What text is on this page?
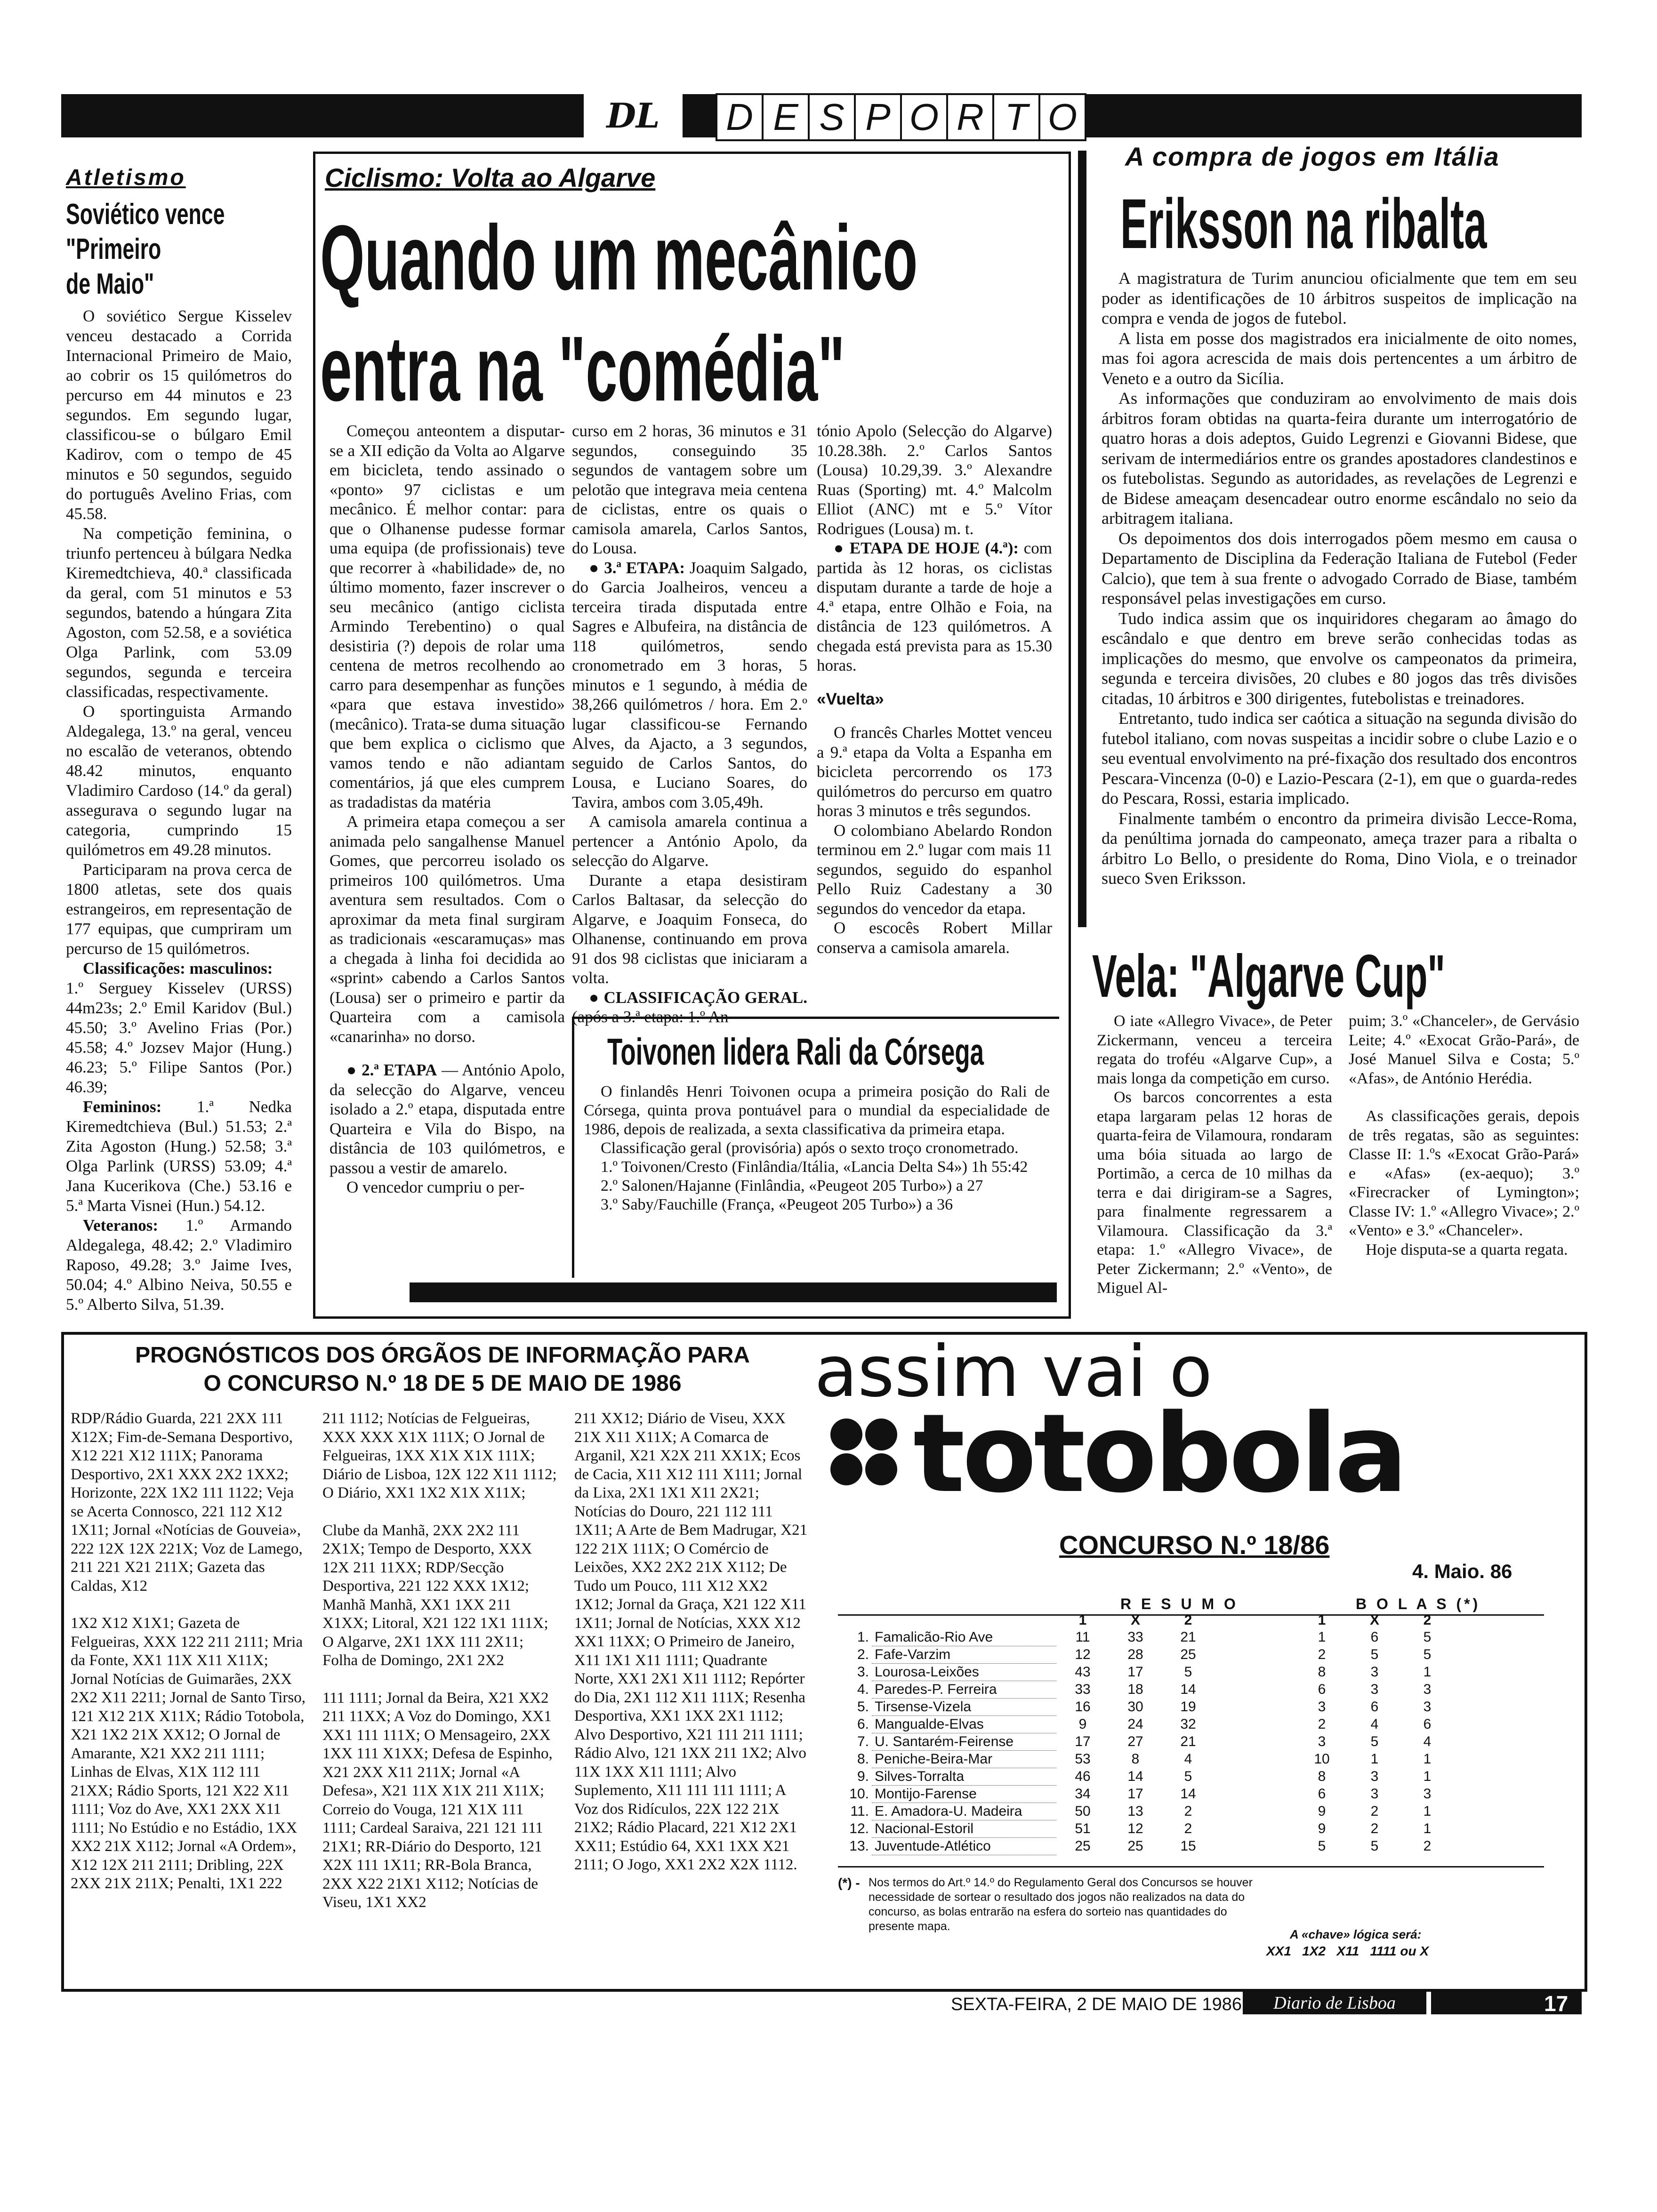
DL	D E S P O R T O
Atletismo
Soviético vence
"Primeiro
de Maio"

O soviético Sergue Kisselev venceu destacado a Corrida Internacional Primeiro de Maio, ao cobrir os 15 quilómetros do percurso em 44 minutos e 23 segundos. Em segundo lugar, classificou-se o búlgaro Emil Kadirov, com o tempo de 45 minutos e 50 segundos, seguido do português Avelino Frias, com 45.58.

Na competição feminina, o triunfo pertenceu à búlgara Nedka Kiremedtchieva, 40.ª classificada da geral, com 51 minutos e 53 segundos, batendo a húngara Zita Agoston, com 52.58, e a soviética Olga Parlink, com 53.09 segundos, segunda e terceira classificadas, respectivamente.

O sportinguista Armando Aldegalega, 13.º na geral, venceu no escalão de veteranos, obtendo 48.42 minutos, enquanto Vladimiro Cardoso (14.º da geral) assegurava o segundo lugar na categoria, cumprindo 15 quilómetros em 49.28 minutos.

Participaram na prova cerca de 1800 atletas, sete dos quais estrangeiros, em representação de 177 equipas, que cumpriram um percurso de 15 quilómetros.

Classificações: masculinos:

1.º Serguey Kisselev (URSS) 44m23s; 2.º Emil Karidov (Bul.) 45.50; 3.º Avelino Frias (Por.) 45.58; 4.º Jozsev Major (Hung.) 46.23; 5.º Filipe Santos (Por.) 46.39;

Femininos: 1.ª Nedka Kiremedtchieva (Bul.) 51.53; 2.ª Zita Agoston (Hung.) 52.58; 3.ª Olga Parlink (URSS) 53.09; 4.ª Jana Kucerikova (Che.) 53.16 e 5.ª Marta Visnei (Hun.) 54.12.

Veteranos: 1.º Armando Aldegalega, 48.42; 2.º Vladimiro Raposo, 49.28; 3.º Jaime Ives, 50.04; 4.º Albino Neiva, 50.55 e 5.º Alberto Silva, 51.39.

Ciclismo: Volta ao Algarve
Quando um mecânico
entra na "comédia"

Começou anteontem a disputar-se a XII edição da Volta ao Algarve em bicicleta, tendo assinado o «ponto» 97 ciclistas e um mecânico. É melhor contar: para que o Olhanense pudesse formar uma equipa (de profissionais) teve que recorrer à «habilidade» de, no último momento, fazer inscrever o seu mecânico (antigo ciclista Armindo Terebentino) o qual desistiria (?) depois de rolar uma centena de metros recolhendo ao carro para desempenhar as funções «para que estava investido» (mecânico). Trata-se duma situação que bem explica o ciclismo que vamos tendo e não adiantam comentários, já que eles cumprem as tradadistas da matéria

A primeira etapa começou a ser animada pelo sangalhense Manuel Gomes, que percorreu isolado os primeiros 100 quilómetros. Uma aventura sem resultados. Com o aproximar da meta final surgiram as tradicionais «escaramuças» mas a chegada à linha foi decidida ao «sprint» cabendo a Carlos Santos (Lousa) ser o primeiro e partir da Quarteira com a camisola «canarinha» no dorso.

● 2.ª ETAPA — António Apolo, da selecção do Algarve, venceu isolado a 2.º etapa, disputada entre Quarteira e Vila do Bispo, na distância de 103 quilómetros, e passou a vestir de amarelo.

O vencedor cumpriu o per-

curso em 2 horas, 36 minutos e 31 segundos, conseguindo 35 segundos de vantagem sobre um pelotão que integrava meia centena de ciclistas, entre os quais o camisola amarela, Carlos Santos, do Lousa.

● 3.ª ETAPA: Joaquim Salgado, do Garcia Joalheiros, venceu a terceira tirada disputada entre Sagres e Albufeira, na distância de 118 quilómetros, sendo cronometrado em 3 horas, 5 minutos e 1 segundo, à média de 38,266 quilómetros / hora. Em 2.º lugar classificou-se Fernando Alves, da Ajacto, a 3 segundos, seguido de Carlos Santos, do Lousa, e Luciano Soares, do Tavira, ambos com 3.05,49h.

A camisola amarela continua a pertencer a António Apolo, da selecção do Algarve.

Durante a etapa desistiram Carlos Baltasar, da selecção do Algarve, e Joaquim Fonseca, do Olhanense, continuando em prova 91 dos 98 ciclistas que iniciaram a volta.

● CLASSIFICAÇÃO GERAL. (após a 3.ª etapa: 1.º An-

tónio Apolo (Selecção do Algarve) 10.28.38h. 2.º Carlos Santos (Lousa) 10.29,39. 3.º Alexandre Ruas (Sporting) mt. 4.º Malcolm Elliot (ANC) mt e 5.º Vítor Rodrigues (Lousa) m. t.

● ETAPA DE HOJE (4.ª): com partida às 12 horas, os ciclistas disputam durante a tarde de hoje a 4.ª etapa, entre Olhão e Foia, na distância de 123 quilómetros. A chegada está prevista para as 15.30 horas.

«Vuelta»

O francês Charles Mottet venceu a 9.ª etapa da Volta a Espanha em bicicleta percorrendo os 173 quilómetros do percurso em quatro horas 3 minutos e três segundos.

O colombiano Abelardo Rondon terminou em 2.º lugar com mais 11 segundos, seguido do espanhol Pello Ruiz Cadestany a 30 segundos do vencedor da etapa.

O escocês Robert Millar conserva a camisola amarela.

Toivonen lidera Rali da Córsega

O finlandês Henri Toivonen ocupa a primeira posição do Rali de Córsega, quinta prova pontuável para o mundial da especialidade de 1986, depois de realizada, a sexta classificativa da primeira etapa.

Classificação geral (provisória) após o sexto troço cronometrado.

1.º Toivonen/Cresto (Finlândia/Itália, «Lancia Delta S4») 1h 55:42

2.º Salonen/Hajanne (Finlândia, «Peugeot 205 Turbo») a 27

3.º Saby/Fauchille (França, «Peugeot 205 Turbo») a 36

A compra de jogos em Itália
Eriksson na ribalta

A magistratura de Turim anunciou oficialmente que tem em seu poder as identificações de 10 árbitros suspeitos de implicação na compra e venda de jogos de futebol.

A lista em posse dos magistrados era inicialmente de oito nomes, mas foi agora acrescida de mais dois pertencentes a um árbitro de Veneto e a outro da Sicília.

As informações que conduziram ao envolvimento de mais dois árbitros foram obtidas na quarta-feira durante um interrogatório de quatro horas a dois adeptos, Guido Legrenzi e Giovanni Bidese, que serivam de intermediários entre os grandes apostadores clandestinos e os futebolistas. Segundo as autoridades, as revelações de Legrenzi e de Bidese ameaçam desencadear outro enorme escândalo no seio da arbitragem italiana.

Os depoimentos dos dois interrogados põem mesmo em causa o Departamento de Disciplina da Federação Italiana de Futebol (Feder Calcio), que tem à sua frente o advogado Corrado de Biase, também responsável pelas investigações em curso.

Tudo indica assim que os inquiridores chegaram ao âmago do escândalo e que dentro em breve serão conhecidas todas as implicações do mesmo, que envolve os campeonatos da primeira, segunda e terceira divisões, 20 clubes e 80 jogos das três divisões citadas, 10 árbitros e 300 dirigentes, futebolistas e treinadores.

Entretanto, tudo indica ser caótica a situação na segunda divisão do futebol italiano, com novas suspeitas a incidir sobre o clube Lazio e o seu eventual envolvimento na pré-fixação dos resultado dos encontros Pescara-Vincenza (0-0) e Lazio-Pescara (2-1), em que o guarda-redes do Pescara, Rossi, estaria implicado.

Finalmente também o encontro da primeira divisão Lecce-Roma, da penúltima jornada do campeonato, ameça trazer para a ribalta o árbitro Lo Bello, o presidente do Roma, Dino Viola, e o treinador sueco Sven Eriksson.

Vela: "Algarve Cup"

O iate «Allegro Vivace», de Peter Zickermann, venceu a terceira regata do troféu «Algarve Cup», a mais longa da competição em curso.

Os barcos concorrentes a esta etapa largaram pelas 12 horas de quarta-feira de Vilamoura, rondaram uma bóia situada ao largo de Portimão, a cerca de 10 milhas da terra e dai dirigiram-se a Sagres, para finalmente regressarem a Vilamoura. Classificação da 3.ª etapa: 1.º «Allegro Vivace», de Peter Zickermann; 2.º «Vento», de Miguel Al-

puim; 3.º «Chanceler», de Gervásio Leite; 4.º «Exocat Grão-Pará», de José Manuel Silva e Costa; 5.º «Afas», de António Herédia.

As classificações gerais, depois de três regatas, são as seguintes: Classe II: 1.ºs «Exocat Grão-Pará» e «Afas» (ex-aequo); 3.º «Firecracker of Lymington»; Classe IV: 1.º «Allegro Vivace»; 2.º «Vento» e 3.º «Chanceler».

Hoje disputa-se a quarta regata.

PROGNÓSTICOS DOS ÓRGÃOS DE INFORMAÇÃO PARA
O CONCURSO N.º 18 DE 5 DE MAIO DE 1986

RDP/Rádio Guarda, 221 2XX 111 X12X; Fim-de-Semana Desportivo, X12 221 X12 111X; Panorama Desportivo, 2X1 XXX 2X2 1XX2; Horizonte, 22X 1X2 111 1122; Veja se Acerta Connosco, 221 112 X12 1X11; Jornal «Notícias de Gouveia», 222 12X 12X 221X; Voz de Lamego, 211 221 X21 211X; Gazeta das Caldas, X12

1X2 X12 X1X1; Gazeta de Felgueiras, XXX 122 211 2111; Mria da Fonte, XX1 11X X11 X11X; Jornal Notícias de Guimarães, 2XX 2X2 X11 2211; Jornal de Santo Tirso, 121 X12 21X X11X; Rádio Totobola, X21 1X2 21X XX12; O Jornal de Amarante, X21 XX2 211 1111; Linhas de Elvas, X1X 112 111 21XX; Rádio Sports, 121 X22 X11 1111; Voz do Ave, XX1 2XX X11 1111; No Estúdio e no Estádio, 1XX XX2 21X X112; Jornal «A Ordem», X12 12X 211 2111; Dribling, 22X 2XX 21X 211X; Penalti, 1X1 222

211 1112; Notícias de Felgueiras, XXX XXX X1X 111X; O Jornal de Felgueiras, 1XX X1X X1X 111X; Diário de Lisboa, 12X 122 X11 1112; O Diário, XX1 1X2 X1X X11X;

Clube da Manhã, 2XX 2X2 111 2X1X; Tempo de Desporto, XXX 12X 211 11XX; RDP/Secção Desportiva, 221 122 XXX 1X12; Manhã Manhã, XX1 1XX 211 X1XX; Litoral, X21 122 1X1 111X; O Algarve, 2X1 1XX 111 2X11; Folha de Domingo, 2X1 2X2

111 1111; Jornal da Beira, X21 XX2 211 11XX; A Voz do Domingo, XX1 XX1 111 111X; O Mensageiro, 2XX 1XX 111 X1XX; Defesa de Espinho, X21 2XX X11 211X; Jornal «A Defesa», X21 11X X1X 211 X11X; Correio do Vouga, 121 X1X 111 1111; Cardeal Saraiva, 221 121 111 21X1; RR-Diário do Desporto, 121 X2X 111 1X11; RR-Bola Branca, 2XX X22 21X1 X112; Notícias de Viseu, 1X1 XX2

211 XX12; Diário de Viseu, XXX 21X X11 X11X; A Comarca de Arganil, X21 X2X 211 XX1X; Ecos de Cacia, X11 X12 111 X111; Jornal da Lixa, 2X1 1X1 X11 2X21; Notícias do Douro, 221 112 111 1X11; A Arte de Bem Madrugar, X21 122 21X 111X; O Comércio de Leixões, XX2 2X2 21X X112; De Tudo um Pouco, 111 X12 XX2 1X12; Jornal da Graça, X21 122 X11 1X11; Jornal de Notícias, XXX X12 XX1 11XX; O Primeiro de Janeiro, X11 1X1 X11 1111; Quadrante Norte, XX1 2X1 X11 1112; Repórter do Dia, 2X1 112 X11 111X; Resenha Desportiva, XX1 1XX 2X1 1112; Alvo Desportivo, X21 111 211 1111; Rádio Alvo, 121 1XX 211 1X2; Alvo 11X 1XX X11 1111; Alvo Suplemento, X11 111 111 1111; A Voz dos Ridículos, 22X 122 21X 21X2; Rádio Placard, 221 X12 2X1 XX11; Estúdio 64, XX1 1XX X21 2111; O Jogo, XX1 2X2 X2X 1112.

assim vai o
totobola
CONCURSO N.º 18/86
4. Maio. 86
R E S U M O	B O L A S (*)
		1	X	2		1	X	2
1.	Famalicão-Rio Ave	11	33	21		1	6	5
2.	Fafe-Varzim	12	28	25		2	5	5
3.	Lourosa-Leixões	43	17	5		8	3	1
4.	Paredes-P. Ferreira	33	18	14		6	3	3
5.	Tirsense-Vizela	16	30	19		3	6	3
6.	Mangualde-Elvas	9	24	32		2	4	6
7.	U. Santarém-Feirense	17	27	21		3	5	4
8.	Peniche-Beira-Mar	53	8	4		10	1	1
9.	Silves-Torralta	46	14	5		8	3	1
10.	Montijo-Farense	34	17	14		6	3	3
11.	E. Amadora-U. Madeira	50	13	2		9	2	1
12.	Nacional-Estoril	51	12	2		9	2	1
13.	Juventude-Atlético	25	25	15		5	5	2
(*) - Nos termos do Art.º 14.º do Regulamento Geral dos Concursos se houver necessidade de sortear o resultado dos jogos não realizados na data do concurso, as bolas entrarão na esfera do sorteio nas quantidades do presente mapa.
A «chave» lógica será:
XX1   1X2   X11   1111 ou X
SEXTA-FEIRA, 2 DE MAIO DE 1986	Diario de Lisboa	17
